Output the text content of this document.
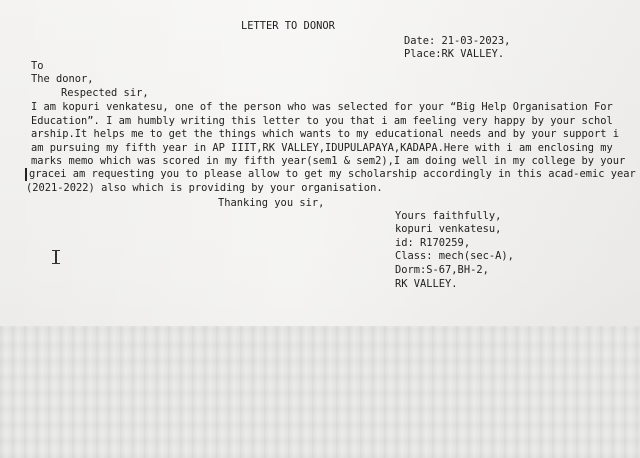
LETTER TO DONOR
Date: 21-03-2023,
Place:RK VALLEY.
To
The donor,
Respected sir,
I am kopuri venkatesu, one of the person who was selected for your “Big Help Organisation For
Education”. I am humbly writing this letter to you that i am feeling very happy by your schol
arship.It helps me to get the things which wants to my educational needs and by your support i
am pursuing my fifth year in AP IIIT,RK VALLEY,IDUPULAPAYA,KADAPA.Here with i am enclosing my
marks memo which was scored in my fifth year(sem1 & sem2),I am doing well in my college by your
gracei am requesting you to please allow to get my scholarship accordingly in this acad-emic year
(2021-2022) also which is providing by your organisation.
Thanking you sir,
Yours faithfully,
kopuri venkatesu,
id: R170259,
Class: mech(sec-A),
Dorm:S-67,BH-2,
RK VALLEY.
